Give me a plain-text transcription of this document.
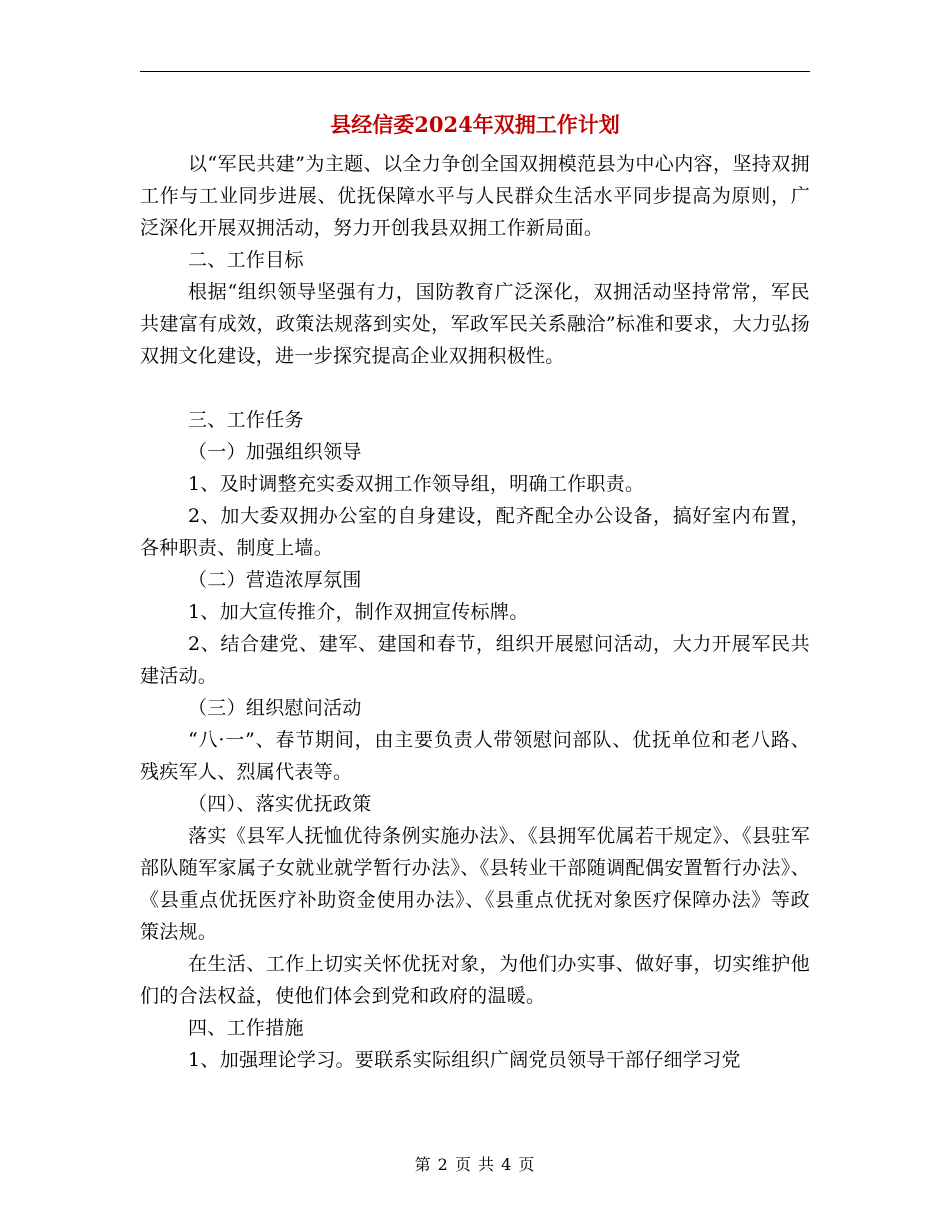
县经信委2024年双拥工作计划

以“军民共建”为主题、以全力争创全国双拥模范县为中心内容，坚持双拥工作与工业同步进展、优抚保障水平与人民群众生活水平同步提高为原则，广泛深化开展双拥活动，努力开创我县双拥工作新局面。

二、工作目标

根据“组织领导坚强有力，国防教育广泛深化，双拥活动坚持常常，军民共建富有成效，政策法规落到实处，军政军民关系融洽”标准和要求，大力弘扬双拥文化建设，进一步探究提高企业双拥积极性。

三、工作任务

（一）加强组织领导

1、及时调整充实委双拥工作领导组，明确工作职责。

2、加大委双拥办公室的自身建设，配齐配全办公设备，搞好室内布置，各种职责、制度上墙。

（二）营造浓厚氛围

1、加大宣传推介，制作双拥宣传标牌。

2、结合建党、建军、建国和春节，组织开展慰问活动，大力开展军民共建活动。

（三）组织慰问活动

“八·一”、春节期间，由主要负责人带领慰问部队、优抚单位和老八路、残疾军人、烈属代表等。

（四）、落实优抚政策

落实《县军人抚恤优待条例实施办法》、《县拥军优属若干规定》、《县驻军部队随军家属子女就业就学暂行办法》、《县转业干部随调配偶安置暂行办法》、《县重点优抚医疗补助资金使用办法》、《县重点优抚对象医疗保障办法》等政策法规。

在生活、工作上切实关怀优抚对象，为他们办实事、做好事，切实维护他们的合法权益，使他们体会到党和政府的温暖。

四、工作措施

1、加强理论学习。要联系实际组织广阔党员领导干部仔细学习党

第 2 页 共 4 页
